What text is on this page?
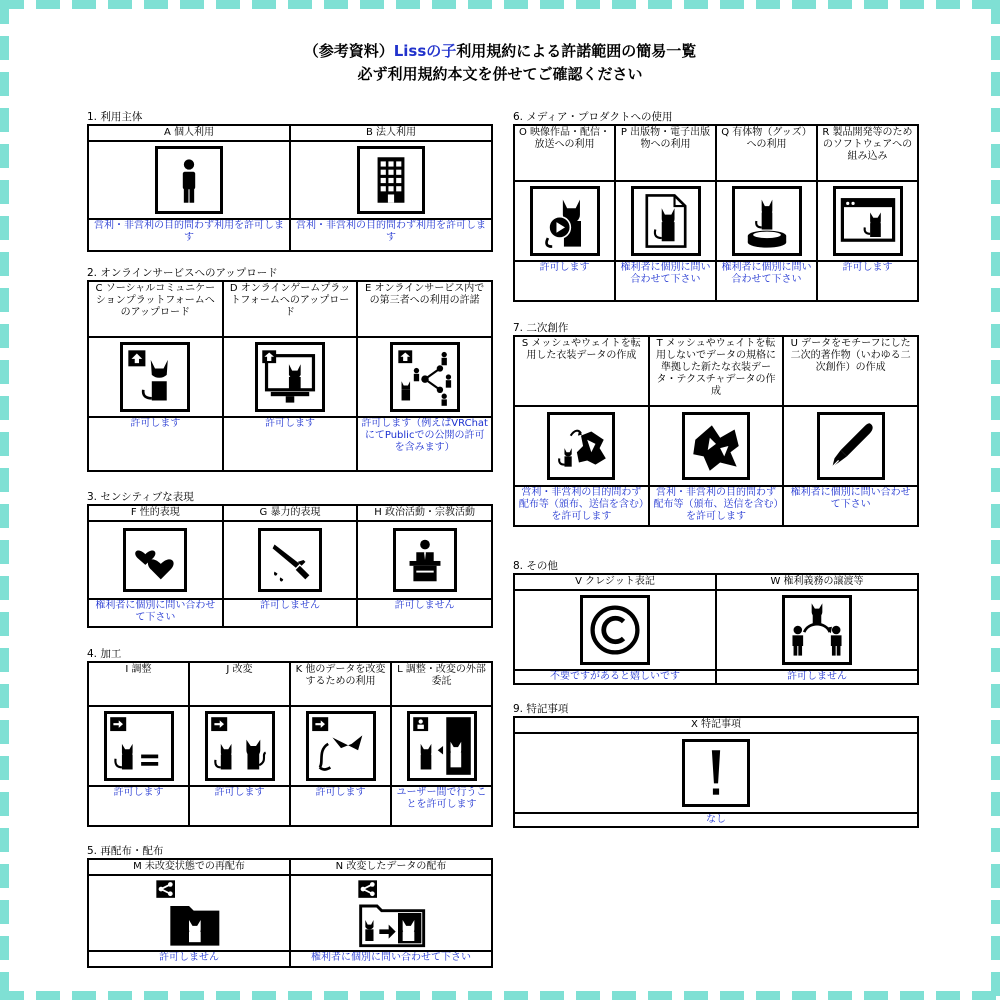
（参考資料）Lissの子利用規約による許諾範囲の簡易一覧
必ず利用規約本文を併せてご確認ください
1. 利用主体
A 個人利用	B 法人利用

営利・非営利の目的問わず利用を許可します	営利・非営利の目的問わず利用を許可します
2. オンラインサービスへのアップロード
C ソーシャルコミュニケーションプラットフォームへのアップロード	D オンラインゲームプラットフォームへのアップロード	E オンラインサービス内での第三者への利用の許諾

許可します	許可します	許可します（例えばVRChatにてPublicでの公開の許可を含みます）
3. センシティブな表現
F 性的表現	G 暴力的表現	H 政治活動・宗教活動

権利者に個別に問い合わせて下さい	許可しません	許可しません
4. 加工
I 調整	J 改変	K 他のデータを改変するための利用	L 調整・改変の外部委託

許可します	許可します	許可します	ユーザー間で行うことを許可します
5. 再配布・配布
M 未改変状態での再配布	N 改変したデータの配布

許可しません	権利者に個別に問い合わせて下さい
6. メディア・プロダクトへの使用
O 映像作品・配信・放送への利用	P 出版物・電子出版物への利用	Q 有体物（グッズ）への利用	R 製品開発等のためのソフトウェアへの組み込み

許可します	権利者に個別に問い合わせて下さい	権利者に個別に問い合わせて下さい	許可します
7. 二次創作
S メッシュやウェイトを転用した衣装データの作成	T メッシュやウェイトを転用しないでデータの規格に準拠した新たな衣装データ・テクスチャデータの作成	U データをモチーフにした二次的著作物（いわゆる二次創作）の作成

営利・非営利の目的問わず配布等（頒布、送信を含む）を許可します	営利・非営利の目的問わず配布等（頒布、送信を含む）を許可します	権利者に個別に問い合わせて下さい
8. その他
V クレジット表記	W 権利義務の譲渡等

不要ですがあると嬉しいです	許可しません
9. 特記事項
X 特記事項

なし
